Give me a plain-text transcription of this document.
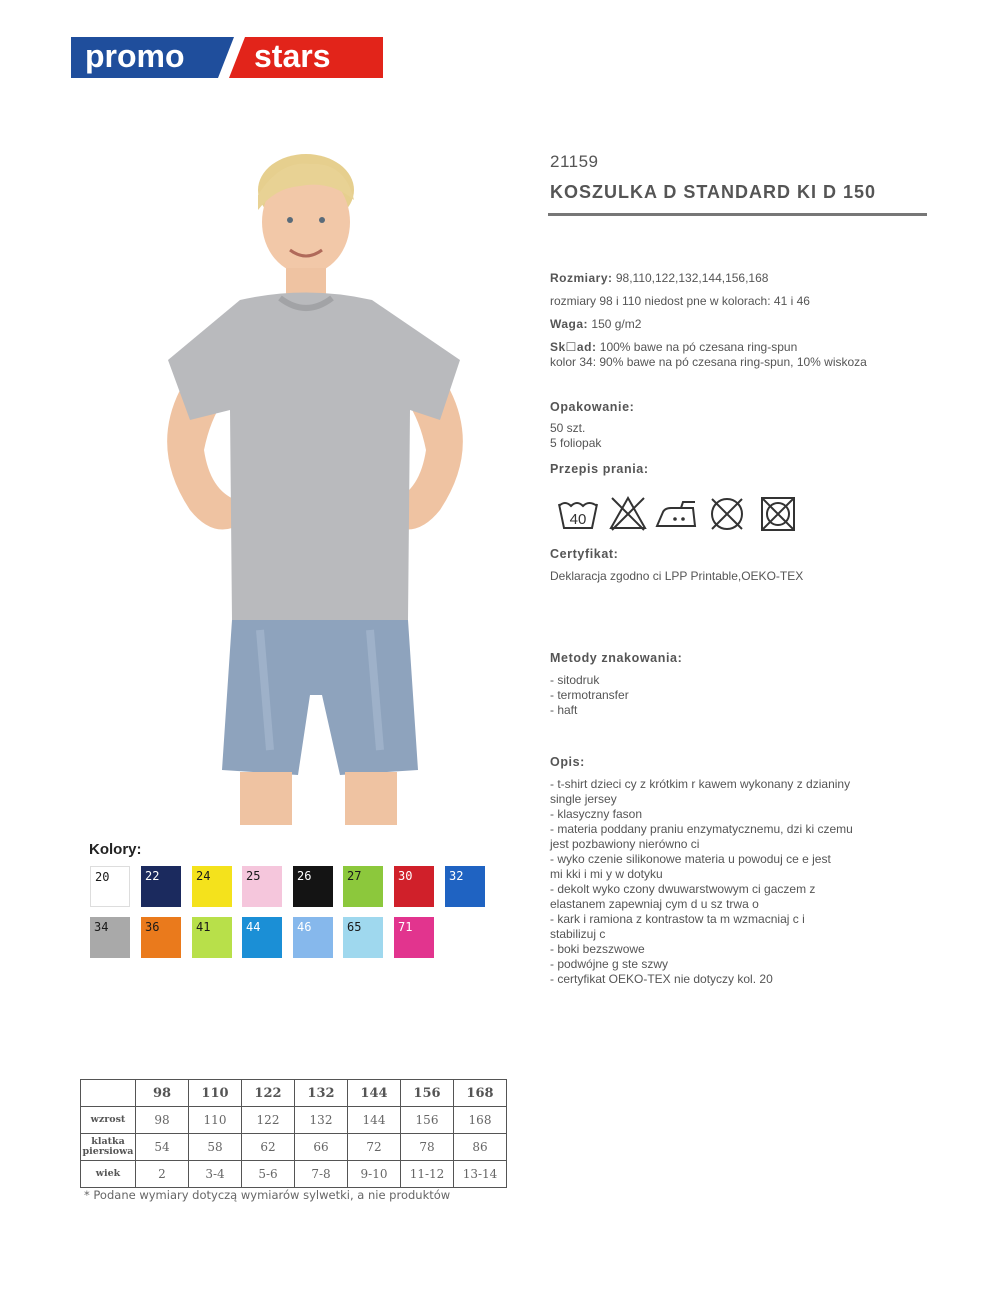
promo stars
21159
KOSZULKA D STANDARD KI D 150
Rozmiary: 98,110,122,132,144,156,168
rozmiary 98 i 110 niedost pne w kolorach: 41 i 46
Waga: 150 g/m2
Sk☐ad: 100% bawe na pó czesana ring-spun
kolor 34: 90% bawe na pó czesana ring-spun, 10% wiskoza
Opakowanie:
50 szt.
5 foliopak
Przepis prania:
40
Certyfikat:
Deklaracja zgodno ci LPP Printable,OEKO-TEX
Metody znakowania:
- sitodruk
- termotransfer
- haft
Opis:
- t-shirt dzieci cy z krótkim r kawem wykonany z dzianiny
single jersey
- klasyczny fason
- materia poddany praniu enzymatycznemu, dzi ki czemu
jest pozbawiony nierówno ci
- wyko czenie silikonowe materia u powoduj ce e jest
mi kki i mi y w dotyku
- dekolt wyko czony dwuwarstwowym ci gaczem z
elastanem zapewniaj cym d u sz trwa o
- kark i ramiona z kontrastow ta m wzmacniaj c i
stabilizuj c
- boki bezszwowe
- podwójne g ste szwy
- certyfikat OEKO-TEX nie dotyczy kol. 20
Kolory:
20	22	24	25	26	27	30	32
34	36	41	44	46	65	71
	98	110	122	132	144	156	168
wzrost	98	110	122	132	144	156	168
klatka piersiowa	54	58	62	66	72	78	86
wiek	2	3-4	5-6	7-8	9-10	11-12	13-14
* Podane wymiary dotyczą wymiarów sylwetki, a nie produktów
